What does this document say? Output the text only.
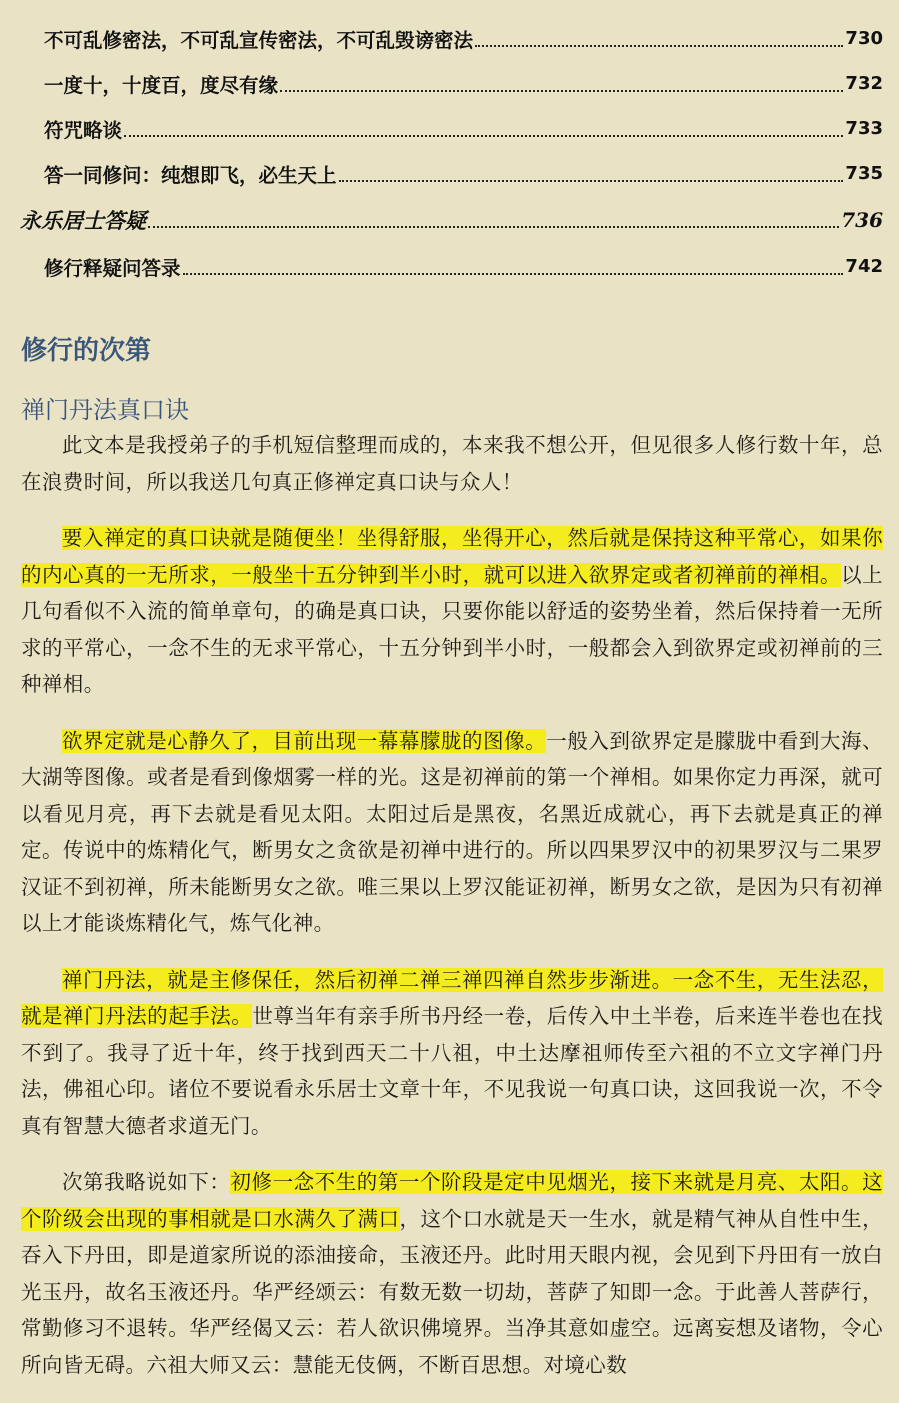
不可乱修密法，不可乱宣传密法，不可乱毁谤密法	730
一度十，十度百，度尽有缘	732
符咒略谈	733
答一同修问：纯想即飞，必生天上	735
永乐居士答疑	736
修行释疑问答录	742
修行的次第
禅门丹法真口诀

此文本是我授弟子的手机短信整理而成的，本来我不想公开，但见很多人修行数十年，总在浪费时间，所以我送几句真正修禅定真口诀与众人！

要入禅定的真口诀就是随便坐！坐得舒服，坐得开心，然后就是保持这种平常心，如果你的内心真的一无所求，一般坐十五分钟到半小时，就可以进入欲界定或者初禅前的禅相。以上几句看似不入流的简单章句，的确是真口诀，只要你能以舒适的姿势坐着，然后保持着一无所求的平常心，一念不生的无求平常心，十五分钟到半小时，一般都会入到欲界定或初禅前的三种禅相。

欲界定就是心静久了，目前出现一幕幕朦胧的图像。一般入到欲界定是朦胧中看到大海、大湖等图像。或者是看到像烟雾一样的光。这是初禅前的第一个禅相。如果你定力再深，就可以看见月亮，再下去就是看见太阳。太阳过后是黑夜，名黑近成就心，再下去就是真正的禅定。传说中的炼精化气，断男女之贪欲是初禅中进行的。所以四果罗汉中的初果罗汉与二果罗汉证不到初禅，所未能断男女之欲。唯三果以上罗汉能证初禅，断男女之欲，是因为只有初禅以上才能谈炼精化气，炼气化神。

禅门丹法，就是主修保任，然后初禅二禅三禅四禅自然步步渐进。一念不生，无生法忍，就是禅门丹法的起手法。世尊当年有亲手所书丹经一卷，后传入中土半卷，后来连半卷也在找不到了。我寻了近十年，终于找到西天二十八祖，中土达摩祖师传至六祖的不立文字禅门丹法，佛祖心印。诸位不要说看永乐居士文章十年，不见我说一句真口诀，这回我说一次，不令真有智慧大德者求道无门。

次第我略说如下：初修一念不生的第一个阶段是定中见烟光，接下来就是月亮、太阳。这个阶级会出现的事相就是口水满久了满口，这个口水就是天一生水，就是精气神从自性中生，吞入下丹田，即是道家所说的添油接命，玉液还丹。此时用天眼内视，会见到下丹田有一放白光玉丹，故名玉液还丹。华严经颂云：有数无数一切劫，菩萨了知即一念。于此善人菩萨行，常勤修习不退转。华严经偈又云：若人欲识佛境界。当净其意如虚空。远离妄想及诸物，令心所向皆无碍。六祖大师又云：慧能无伎俩，不断百思想。对境心数
